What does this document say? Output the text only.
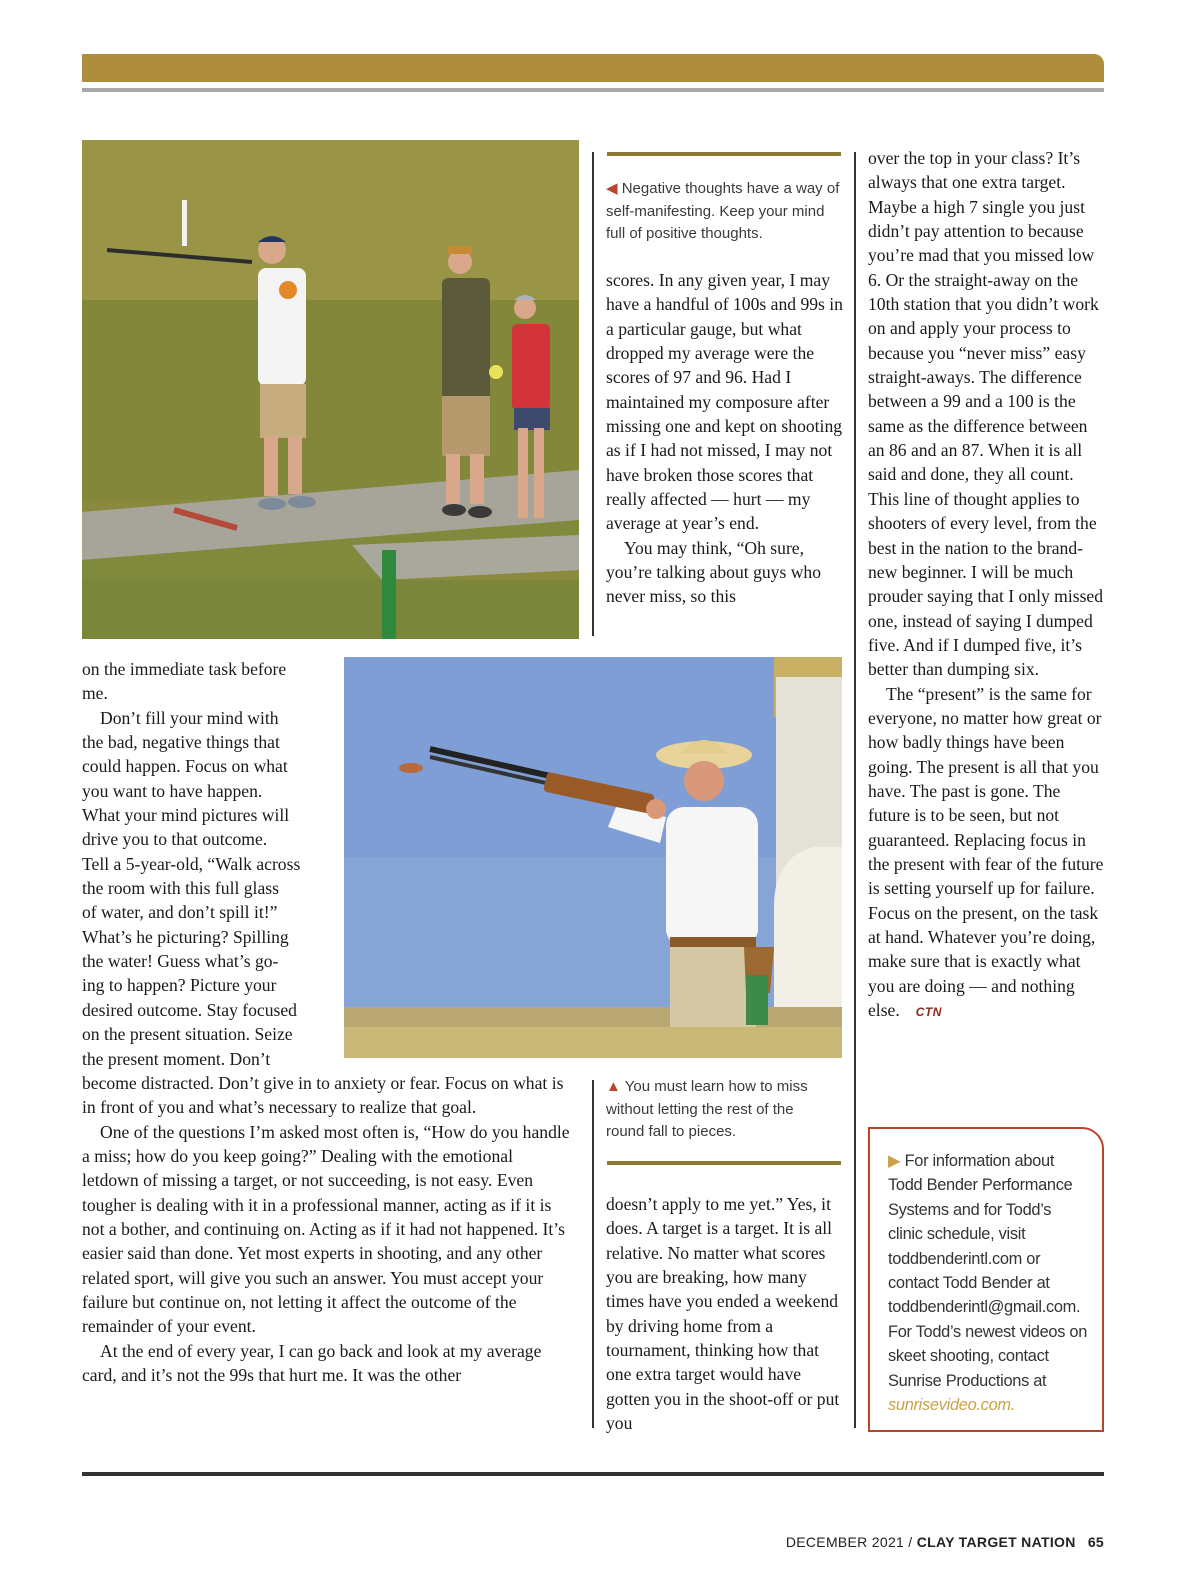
◀ Negative thoughts have a way of self-manifesting. Keep your mind full of positive thoughts.
▲ You must learn how to miss without letting the rest of the round fall to pieces.

on the immediate task before

me.

Don’t fill your mind with

the bad, negative things that

could happen. Focus on what

you want to have happen.

What your mind pictures will

drive you to that outcome.

Tell a 5-year-old, “Walk across

the room with this full glass

of water, and don’t spill it!”

What’s he picturing? Spilling

the water! Guess what’s go-

ing to happen? Picture your

desired outcome. Stay focused

on the present situation. Seize

the present moment. Don’t

become distracted. Don’t give in to anxiety or fear. Focus on what is in front of you and what’s necessary to realize that goal.

One of the questions I’m asked most often is, “How do you handle a miss; how do you keep going?” Dealing with the emotional letdown of missing a target, or not succeeding, is not easy. Even tougher is dealing with it in a professional manner, acting as if it is not a bother, and continuing on. Acting as if it had not happened. It’s easier said than done. Yet most experts in shooting, and any other related sport, will give you such an answer. You must accept your failure but continue on, not letting it affect the outcome of the remainder of your event.

At the end of every year, I can go back and look at my average card, and it’s not the 99s that hurt me. It was the other

scores. In any given year, I may have a handful of 100s and 99s in a particular gauge, but what dropped my average were the scores of 97 and 96. Had I maintained my composure after missing one and kept on shooting as if I had not missed, I may not have broken those scores that really affected — hurt — my average at year’s end.

You may think, “Oh sure, you’re talking about guys who never miss, so this

doesn’t apply to me yet.” Yes, it does. A target is a target. It is all relative. No matter what scores you are breaking, how many times have you ended a weekend by driving home from a tournament, thinking how that one extra target would have gotten you in the shoot-off or put you

over the top in your class? It’s always that one extra target. Maybe a high 7 single you just didn’t pay attention to because you’re mad that you missed low 6. Or the straight-away on the 10th station that you didn’t work on and apply your process to because you “never miss” easy straight-aways. The difference between a 99 and a 100 is the same as the difference between an 86 and an 87. When it is all said and done, they all count. This line of thought applies to shooters of every level, from the best in the nation to the brand-new beginner. I will be much prouder saying that I only missed one, instead of saying I dumped five. And if I dumped five, it’s better than dumping six.

The “present” is the same for everyone, no matter how great or how badly things have been going. The present is all that you have. The past is gone. The future is to be seen, but not guaranteed. Replacing focus in the present with fear of the future is setting yourself up for failure. Focus on the present, on the task at hand. Whatever you’re doing, make sure that is exactly what you are doing — and nothing else. CTN

▶ For information about Todd Bender Performance Systems and for Todd’s clinic schedule, visit toddbenderintl.com or contact Todd Bender at toddbenderintl@gmail.com. For Todd’s newest videos on skeet shooting, contact Sunrise Productions at sunrisevideo.com.
DECEMBER 2021 / CLAY TARGET NATION 65
